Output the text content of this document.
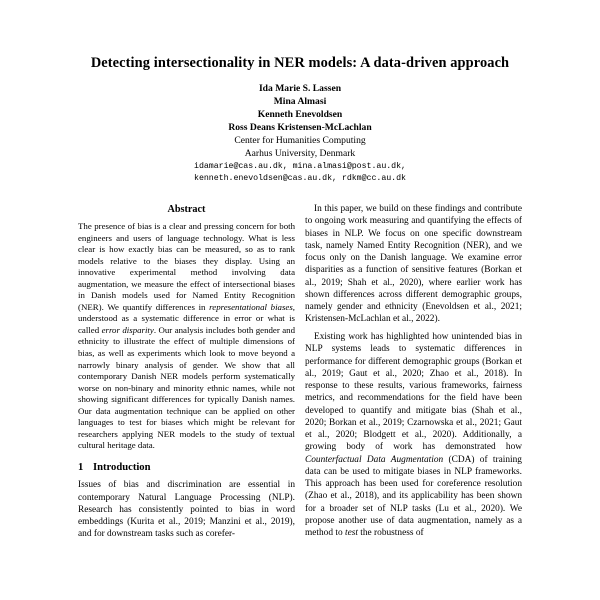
Detecting intersectionality in NER models: A data-driven approach
Ida Marie S. Lassen
Mina Almasi
Kenneth Enevoldsen
Ross Deans Kristensen-McLachlan
Center for Humanities Computing
Aarhus University, Denmark
idamarie@cas.au.dk, mina.almasi@post.au.dk,
kenneth.enevoldsen@cas.au.dk, rdkm@cc.au.dk
Abstract

The presence of bias is a clear and pressing concern for both engineers and users of language technology. What is less clear is how exactly bias can be measured, so as to rank models relative to the biases they display. Using an innovative experimental method involving data augmentation, we measure the effect of intersectional biases in Danish models used for Named Entity Recognition (NER). We quantify differences in representational biases, understood as a systematic difference in error or what is called error disparity. Our analysis includes both gender and ethnicity to illustrate the effect of multiple dimensions of bias, as well as experiments which look to move beyond a narrowly binary analysis of gender. We show that all contemporary Danish NER models perform systematically worse on non-binary and minority ethnic names, while not showing significant differences for typically Danish names. Our data augmentation technique can be applied on other languages to test for biases which might be relevant for researchers applying NER models to the study of textual cultural heritage data.

1 Introduction

Issues of bias and discrimination are essential in contemporary Natural Language Processing (NLP). Research has consistently pointed to bias in word embeddings (Kurita et al., 2019; Manzini et al., 2019), and for downstream tasks such as corefer-

In this paper, we build on these findings and contribute to ongoing work measuring and quantifying the effects of biases in NLP. We focus on one specific downstream task, namely Named Entity Recognition (NER), and we focus only on the Danish language. We examine error disparities as a function of sensitive features (Borkan et al., 2019; Shah et al., 2020), where earlier work has shown differences across different demographic groups, namely gender and ethnicity (Enevoldsen et al., 2021; Kristensen-McLachlan et al., 2022).

Existing work has highlighted how unintended bias in NLP systems leads to systematic differences in performance for different demographic groups (Borkan et al., 2019; Gaut et al., 2020; Zhao et al., 2018). In response to these results, various frameworks, fairness metrics, and recommendations for the field have been developed to quantify and mitigate bias (Shah et al., 2020; Borkan et al., 2019; Czarnowska et al., 2021; Gaut et al., 2020; Blodgett et al., 2020). Additionally, a growing body of work has demonstrated how Counterfactual Data Augmentation (CDA) of training data can be used to mitigate biases in NLP frameworks. This approach has been used for coreference resolution (Zhao et al., 2018), and its applicability has been shown for a broader set of NLP tasks (Lu et al., 2020). We propose another use of data augmentation, namely as a method to test the robustness of
